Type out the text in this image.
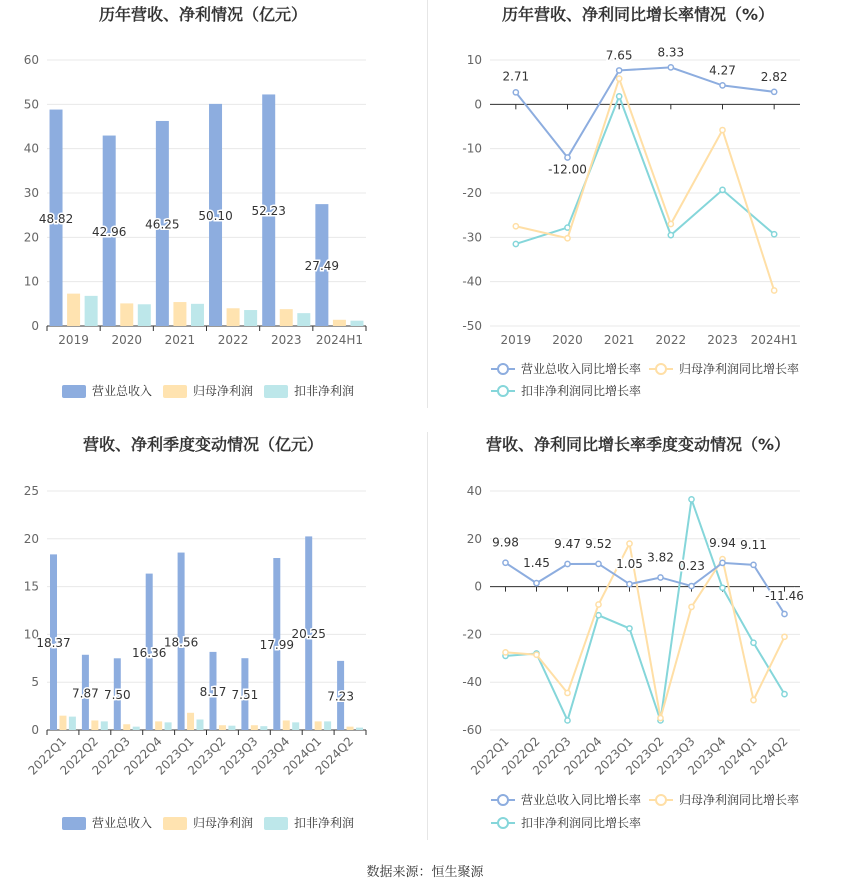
历年营收、净利情况（亿元）
0
10
20
30
40
50
60
2019 2020 2021 2022 2023 2024H1
48.82
42.96
46.25
50.10 52.23
27.49
营业总收入	归母净利润	扣非净利润
历年营收、净利同比增长率情况（%）
-50
-40
-30
-20
-10
0
10
2019 2020 2021 2022 2023 2024H1
2.71
-12.00
7.65 8.33
4.27 2.82
营业总收入同比增长率	归母净利润同比增长率
扣非净利润同比增长率
营收、净利季度变动情况（亿元）
0
5
10
15
20
25
2022Q1
2022Q2
2022Q3
2022Q4
2023Q1
2023Q2
2023Q3
2023Q4
2024Q1
2024Q2
18.37
7.87 7.50
16.36
18.56
8.17 7.51
17.99
20.25
7.23
营业总收入	归母净利润	扣非净利润
营收、净利同比增长率季度变动情况（%）
-60
-40
-20
0
20
40
2022Q1
2022Q2
2022Q3
2022Q4
2023Q1
2023Q2
2023Q3
2023Q4
2024Q1
2024Q2
9.98
1.45
9.47 9.52
1.05 3.82
0.23
9.94 9.11
-11.46
营业总收入同比增长率	归母净利润同比增长率
扣非净利润同比增长率
数据来源：恒生聚源
